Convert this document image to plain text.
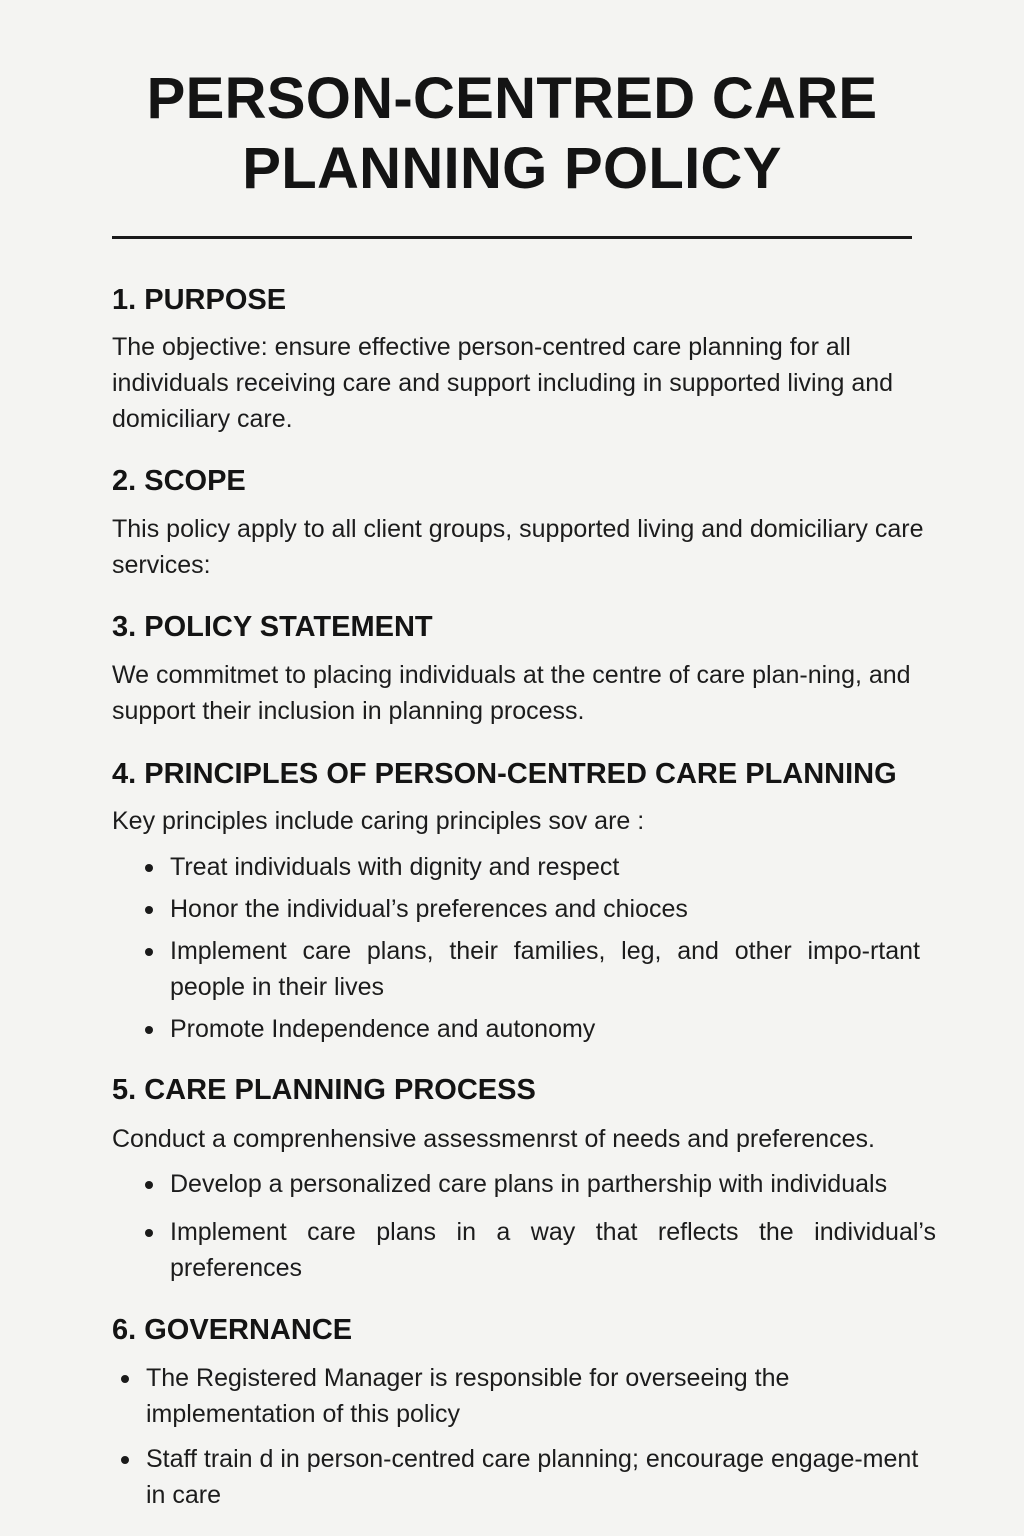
PERSON-CENTRED CARE
PLANNING POLICY
1. PURPOSE

The objective: ensure effective person-centred care planning for all individuals receiving care and support including in supported living and domiciliary care.

2. SCOPE

This policy apply to all client groups, supported living and domiciliary care services:

3. POLICY STATEMENT

We commitmet to placing individuals at the centre of care plan-ning, and support their inclusion in planning process.

4. PRINCIPLES OF PERSON-CENTRED CARE PLANNING

Key principles include caring principles sov are :

Treat individuals with dignity and respect
Honor the individual’s preferences and chioces
Implement care plans, their families, leg, and other impo-rtant people in their lives
Promote Independence and autonomy
5. CARE PLANNING PROCESS

Conduct a comprenhensive assessmenrst of needs and preferences.

Develop a personalized care plans in parthership with individuals
Implement care plans in a way that reflects the individual’s preferences
6. GOVERNANCE
The Registered Manager is responsible for overseeing the implementation of this policy
Staff train d in person-centred care planning; encourage engage-ment in care
